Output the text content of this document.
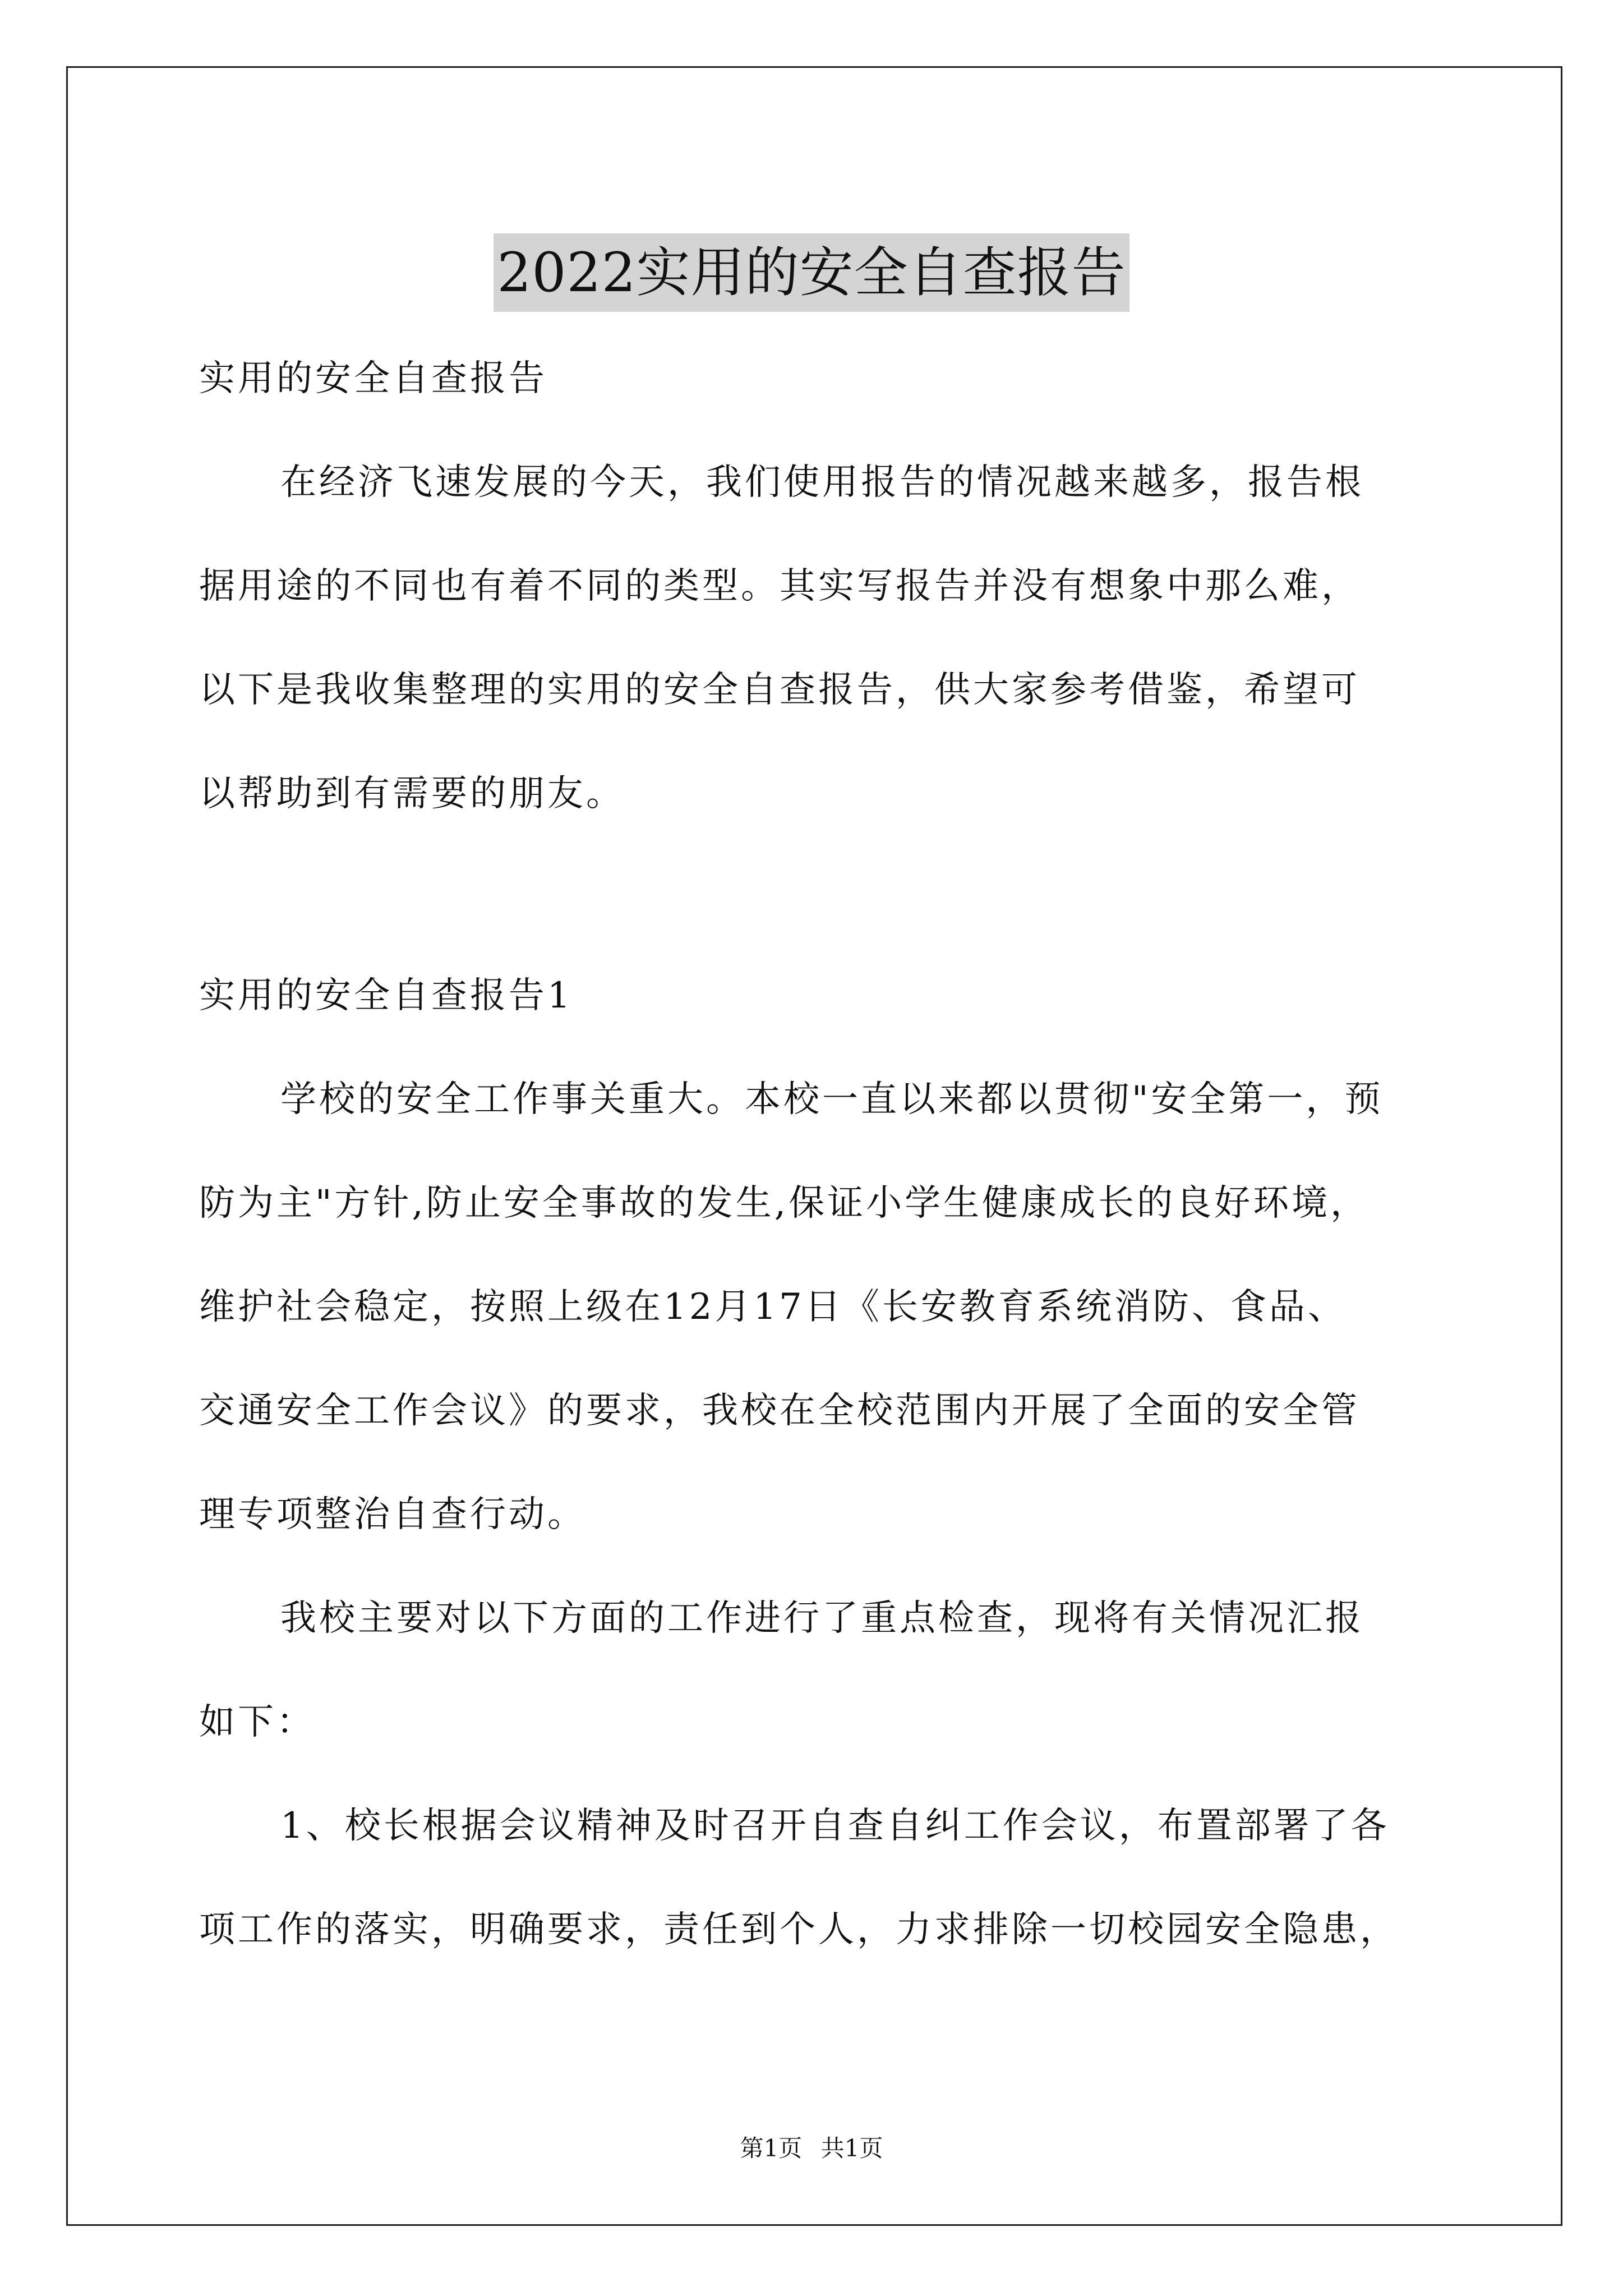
2022实用的安全自查报告
实用的安全自查报告
在经济飞速发展的今天，我们使用报告的情况越来越多，报告根
据用途的不同也有着不同的类型。其实写报告并没有想象中那么难，
以下是我收集整理的实用的安全自查报告，供大家参考借鉴，希望可
以帮助到有需要的朋友。
实用的安全自查报告1
学校的安全工作事关重大。本校一直以来都以贯彻"安全第一，预
防为主"方针,防止安全事故的发生,保证小学生健康成长的良好环境，
维护社会稳定，按照上级在12月17日《长安教育系统消防、食品、
交通安全工作会议》的要求，我校在全校范围内开展了全面的安全管
理专项整治自查行动。
我校主要对以下方面的工作进行了重点检查，现将有关情况汇报
如下：
1、校长根据会议精神及时召开自查自纠工作会议，布置部署了各
项工作的落实，明确要求，责任到个人，力求排除一切校园安全隐患，
第1页 共1页
